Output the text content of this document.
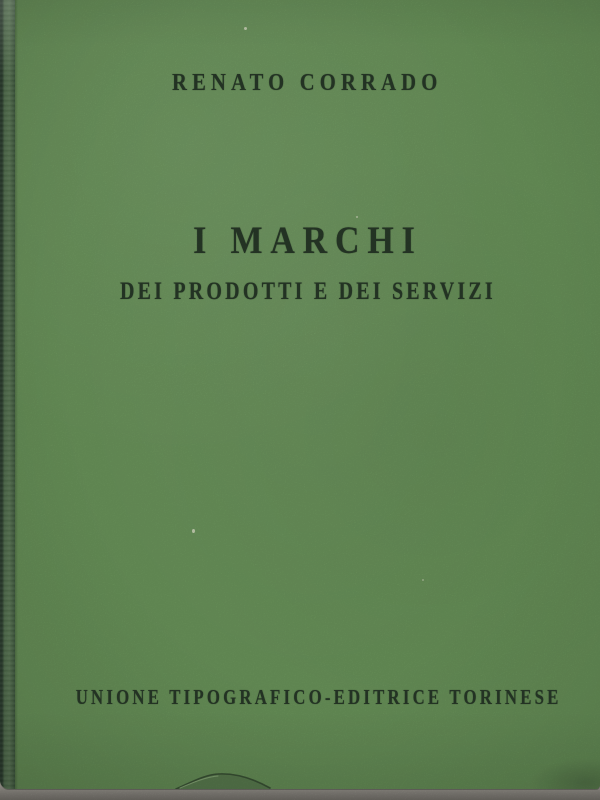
RENATO CORRADO
I MARCHI
DEI PRODOTTI E DEI SERVIZI
UNIONE TIPOGRAFICO-EDITRICE TORINESE
